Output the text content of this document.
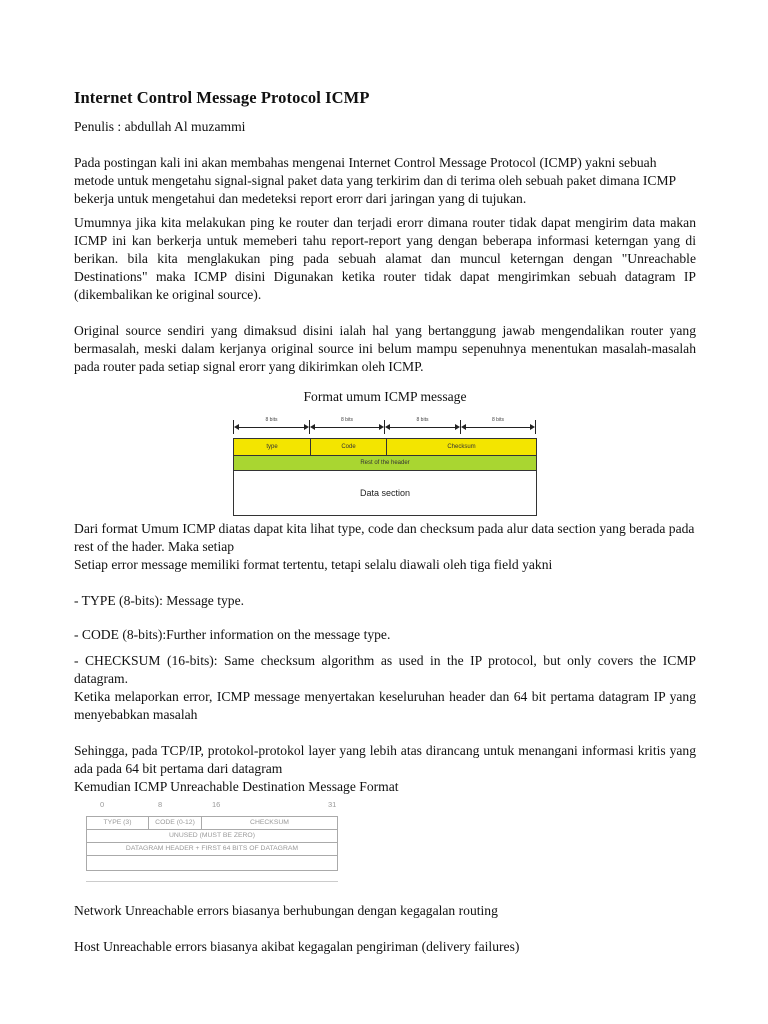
Internet Control Message Protocol ICMP

Penulis : abdullah Al muzammi

Pada postingan kali ini akan membahas mengenai Internet Control Message Protocol (ICMP) yakni sebuah metode untuk mengetahu signal-signal paket data yang terkirim dan di terima oleh sebuah paket dimana ICMP bekerja untuk mengetahui dan medeteksi report erorr dari jaringan yang di tujukan.

Umumnya jika kita melakukan ping ke router dan terjadi erorr dimana router tidak dapat mengirim data makan ICMP ini kan berkerja untuk memeberi tahu report-report yang dengan beberapa informasi keterngan yang di berikan. bila kita menglakukan ping pada sebuah alamat dan muncul keterngan dengan "Unreachable Destinations" maka ICMP disini Digunakan ketika router tidak dapat mengirimkan sebuah datagram IP (dikembalikan ke original source).

Original source sendiri yang dimaksud disini ialah hal yang bertanggung jawab mengendalikan router yang bermasalah, meski dalam kerjanya original source ini belum mampu sepenuhnya menentukan masalah-masalah pada router pada setiap signal erorr yang dikirimkan oleh ICMP.

Format umum ICMP message

8 bits	8 bits	8 bits	8 bits
type	Code	Checksum
Rest of the header
Data section

Dari format Umum ICMP diatas dapat kita lihat type, code dan checksum pada alur data section yang berada pada rest of the hader. Maka setiap

Setiap error message memiliki format tertentu, tetapi selalu diawali oleh tiga field yakni

- TYPE (8-bits): Message type.

- CODE (8-bits):Further information on the message type.

- CHECKSUM (16-bits): Same checksum algorithm as used in the IP protocol, but only covers the ICMP datagram.

Ketika melaporkan error, ICMP message menyertakan keseluruhan header dan 64 bit pertama datagram IP yang menyebabkan masalah

Sehingga, pada TCP/IP, protokol-protokol layer yang lebih atas dirancang untuk menangani informasi kritis yang ada pada 64 bit pertama dari datagram

Kemudian ICMP Unreachable Destination Message Format

0	8	16	31
TYPE (3)	CODE (0-12)	CHECKSUM
UNUSED (MUST BE ZERO)
DATAGRAM HEADER + FIRST 64 BITS OF DATAGRAM

Network Unreachable errors biasanya berhubungan dengan kegagalan routing

Host Unreachable errors biasanya akibat kegagalan pengiriman (delivery failures)
